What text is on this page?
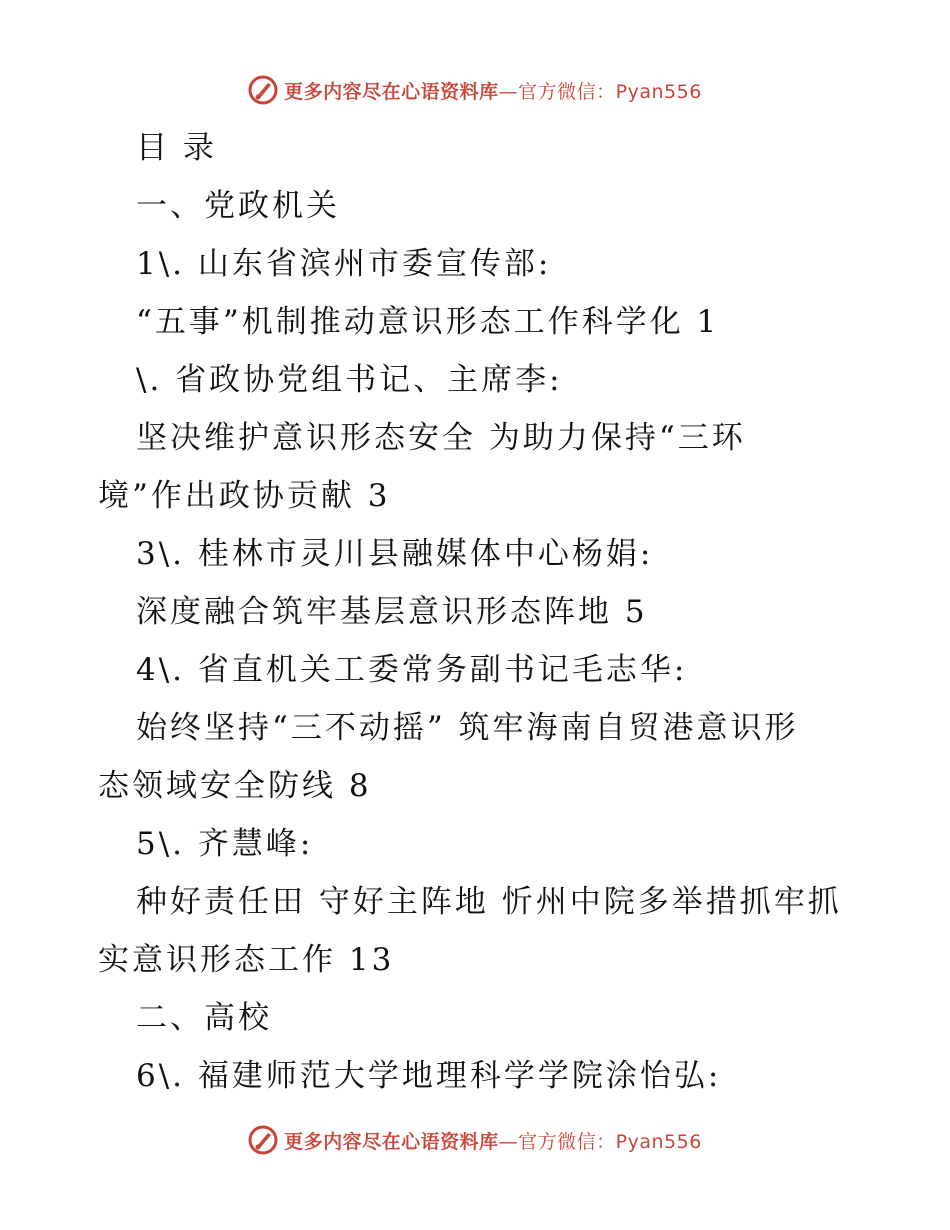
更多内容尽在心语资料库—官方微信：Pyan556
目 录
一、党政机关
1\. 山东省滨州市委宣传部:
“五事”机制推动意识形态工作科学化 1
\. 省政协党组书记、主席李:
坚决维护意识形态安全 为助力保持“三环
境”作出政协贡献 3
3\. 桂林市灵川县融媒体中心杨娟:
深度融合筑牢基层意识形态阵地 5
4\. 省直机关工委常务副书记毛志华:
始终坚持“三不动摇” 筑牢海南自贸港意识形
态领域安全防线 8
5\. 齐慧峰:
种好责任田 守好主阵地 忻州中院多举措抓牢抓
实意识形态工作 13
二、高校
6\. 福建师范大学地理科学学院涂怡弘:
更多内容尽在心语资料库—官方微信：Pyan556
